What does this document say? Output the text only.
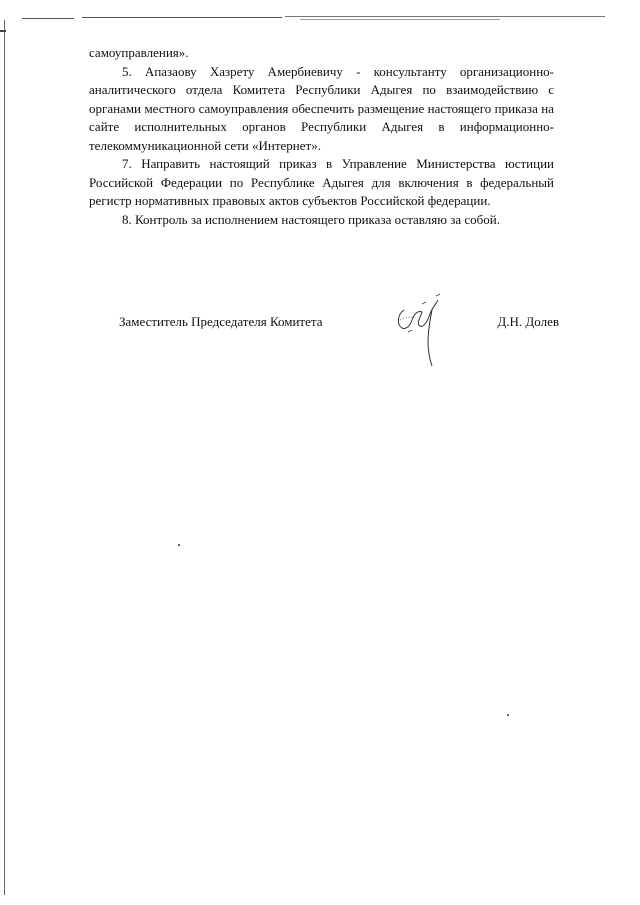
самоуправления».

5. Апазаову Хазрету Амербиевичу - консультанту организационно-аналитического отдела Комитета Республики Адыгея по взаимодействию с органами местного самоуправления обеспечить размещение настоящего приказа на сайте исполнительных органов Республики Адыгея в информационно- телекоммуникационной сети «Интернет».

7. Направить настоящий приказ в Управление Министерства юстиции Российской Федерации по Республике Адыгея для включения в федеральный регистр нормативных правовых актов субъектов Российской федерации.

8. Контроль за исполнением настоящего приказа оставляю за собой.

Заместитель Председателя Комитета	Д.Н. Долев
